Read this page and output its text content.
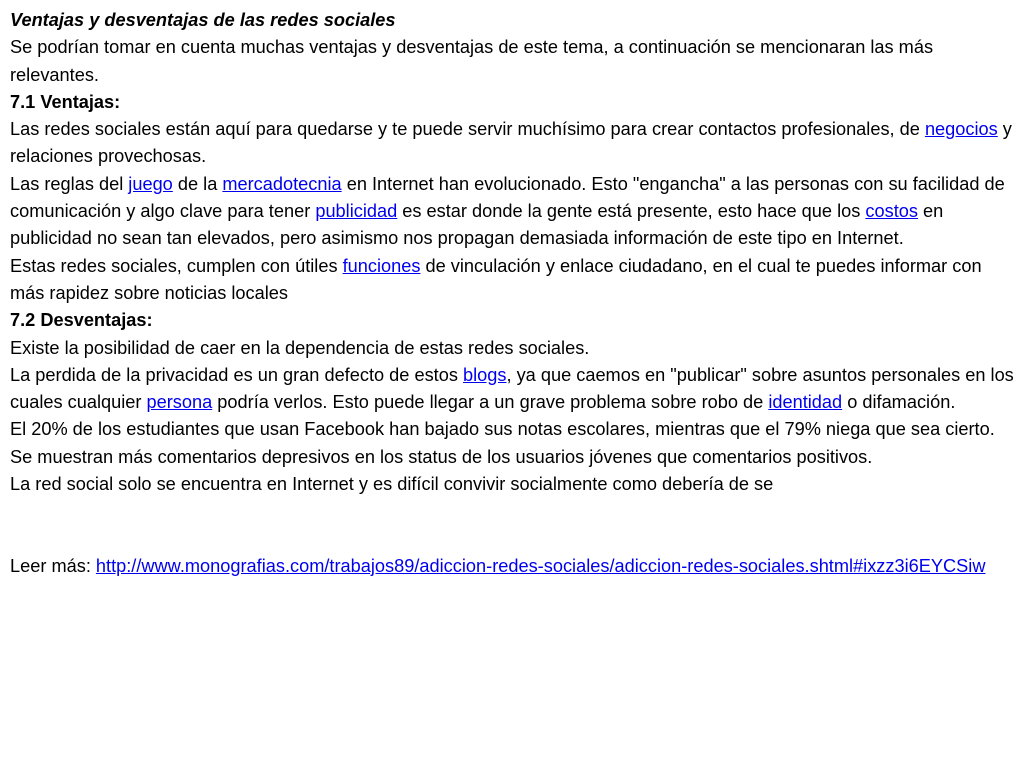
Ventajas y desventajas de las redes sociales

Se podrían tomar en cuenta muchas ventajas y desventajas de este tema, a continuación se mencionaran las más relevantes.

7.1 Ventajas:

Las redes sociales están aquí para quedarse y te puede servir muchísimo para crear contactos profesionales, de negocios y relaciones provechosas.

Las reglas del juego de la mercadotecnia en Internet han evolucionado. Esto "engancha" a las personas con su facilidad de comunicación y algo clave para tener publicidad es estar donde la gente está presente, esto hace que los costos en publicidad no sean tan elevados, pero asimismo nos propagan demasiada información de este tipo en Internet.

Estas redes sociales, cumplen con útiles funciones de vinculación y enlace ciudadano, en el cual te puedes informar con más rapidez sobre noticias locales

7.2 Desventajas:

Existe la posibilidad de caer en la dependencia de estas redes sociales.

La perdida de la privacidad es un gran defecto de estos blogs, ya que caemos en "publicar" sobre asuntos personales en los cuales cualquier persona podría verlos. Esto puede llegar a un grave problema sobre robo de identidad o difamación.

El 20% de los estudiantes que usan Facebook han bajado sus notas escolares, mientras que el 79% niega que sea cierto.

Se muestran más comentarios depresivos en los status de los usuarios jóvenes que comentarios positivos.

La red social solo se encuentra en Internet y es difícil convivir socialmente como debería de se

Leer más: http://www.monografias.com/trabajos89/adiccion-redes-sociales/adiccion-redes-sociales.shtml#ixzz3i6EYCSiw
